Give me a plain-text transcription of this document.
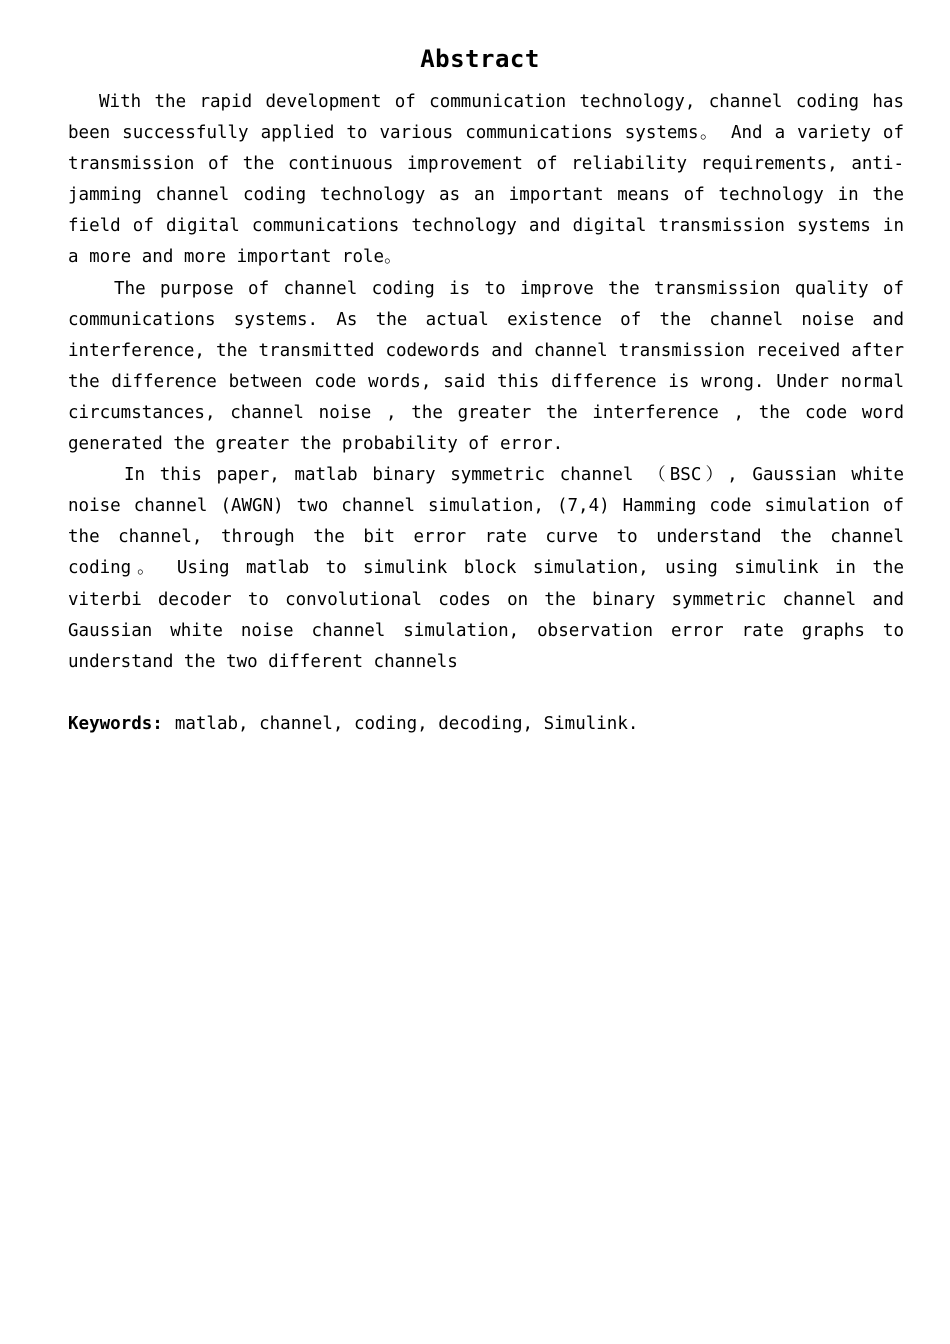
Abstract

With the rapid development of communication technology, channel coding has been successfully applied to various communications systems。 And a variety of transmission of the continuous improvement of reliability requirements, anti-jamming channel coding technology as an important means of technology in the field of digital communications technology and digital transmission systems in a more and more important role。

The purpose of channel coding is to improve the transmission quality of communications systems. As the actual existence of the channel noise and interference, the transmitted codewords and channel transmission received after the difference between code words, said this difference is wrong. Under normal circumstances, channel noise , the greater the interference , the code word generated the greater the probability of error.

In this paper, matlab binary symmetric channel （BSC）, Gaussian white noise channel (AWGN) two channel simulation, (7,4) Hamming code simulation of the channel, through the bit error rate curve to understand the channel coding。 Using matlab to simulink block simulation, using simulink in the viterbi decoder to convolutional codes on the binary symmetric channel and Gaussian white noise channel simulation, observation error rate graphs to understand the two different channels

Keywords: matlab, channel, coding, decoding, Simulink.
